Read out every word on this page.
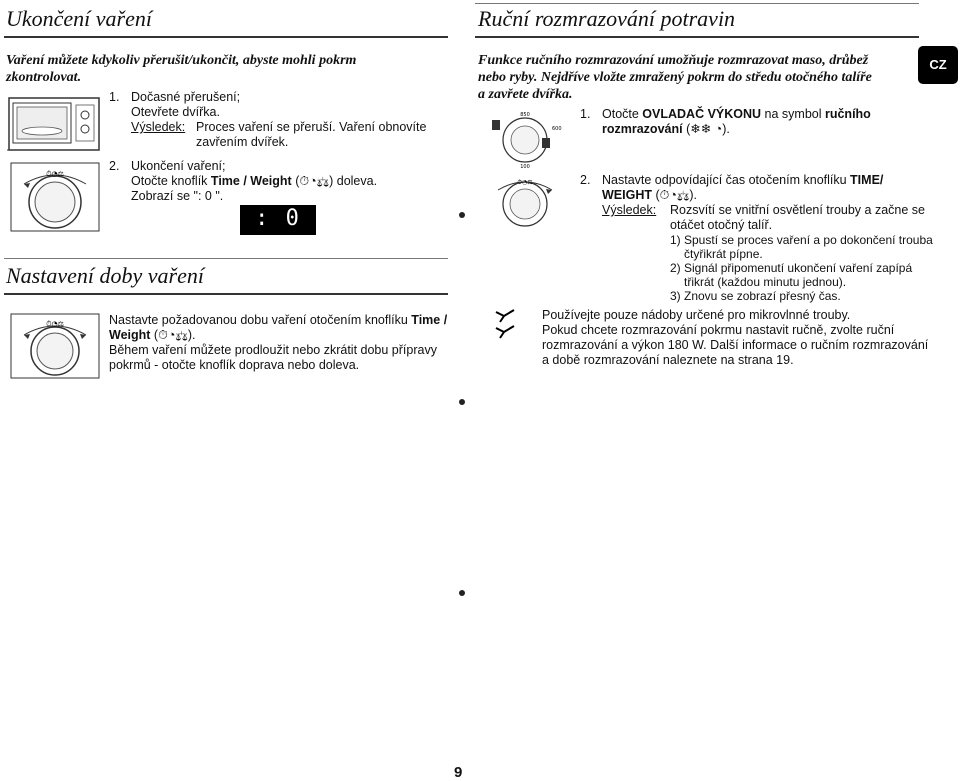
Ukončení vaření
Vaření můžete kdykoliv přerušit/ukončit, abyste mohli pokrm
zkontrolovat.
1. Dočasné přerušení;
Otevřete dvířka.
Výsledek: Proces vaření se přeruší. Vaření obnovíte
zavřením dvířek.
⏱◔⚖
2. Ukončení vaření;
Otočte knoflík Time / Weight (⏱◔⚖) doleva.
Zobrazí se ": 0 ".
: 0
Nastavení doby vaření
⏱◔⚖	Nastavte požadovanou dobu vaření otočením knoflíku Time /
Weight (⏱◔⚖).
Během vaření můžete prodloužit nebo zkrátit dobu přípravy
pokrmů - otočte knoflík doprava nebo doleva.
Ruční rozmrazování potravin
CZ
Funkce ručního rozmrazování umožňuje rozmrazovat maso, drůbež
nebo ryby. Nejdříve vložte zmražený pokrm do středu otočného talíře
a zavřete dvířka.
850
600
100
1. Otočte OVLADAČ VÝKONU na symbol ručního
rozmrazování (❄❄ ◔).
⏱◔⚖	2. Nastavte odpovídající čas otočením knoflíku TIME/
WEIGHT (⏱◔⚖).
Výsledek: Rozsvítí se vnitřní osvětlení trouby a začne se
otáčet otočný talíř.
1) Spustí se proces vaření a po dokončení trouba
čtyřikrát pípne.
2) Signál připomenutí ukončení vaření zapípá
třikrát (každou minutu jednou).
3) Znovu se zobrazí přesný čas.
Používejte pouze nádoby určené pro mikrovlnné trouby.
Pokud chcete rozmrazování pokrmu nastavit ručně, zvolte ruční
rozmrazování a výkon 180 W. Další informace o ručním rozmrazování
a době rozmrazování naleznete na strana 19.
9
